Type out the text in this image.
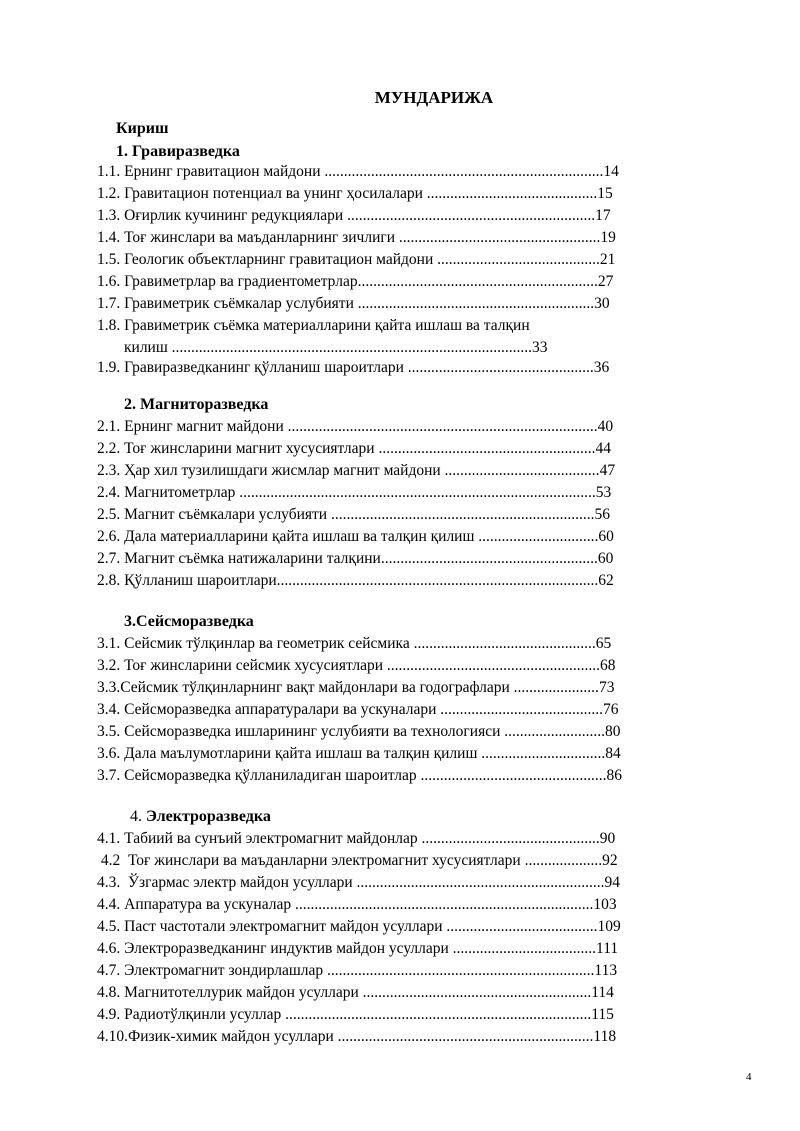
МУНДАРИЖА
Кириш
1. Гравиразведка
1.1. Ернинг гравитацион майдони ........................................................................14
1.2. Гравитацион потенциал ва унинг ҳосилалари ............................................15
1.3. Оғирлик кучининг редукциялари ................................................................17
1.4. Тоғ жинслари ва маъданларнинг зичлиги ....................................................19
1.5. Геологик объектларнинг гравитацион майдони ..........................................21
1.6. Гравиметрлар ва градиентометрлар..............................................................27
1.7. Гравиметрик съёмкалар услубияти .............................................................30
1.8. Гравиметрик съёмка материалларини қайта ишлаш ва талқин
килиш .............................................................................................33
1.9. Гравиразведканинг қўлланиш шароитлари ................................................36
2. Магниторазведка
2.1. Ернинг магнит майдони ................................................................................40
2.2. Тоғ жинсларини магнит хусусиятлари ........................................................44
2.3. Ҳар хил тузилишдаги жисмлар магнит майдони ........................................47
2.4. Магнитометрлар ............................................................................................53
2.5. Магнит съёмкалари услубияти ....................................................................56
2.6. Дала материалларини қайта ишлаш ва талқин қилиш ...............................60
2.7. Магнит съёмка натижаларини талқини........................................................60
2.8. Қўлланиш шароитлари...................................................................................62
3.Сейсморазведка
3.1. Сейсмик тўлқинлар ва геометрик сейсмика ...............................................65
3.2. Тоғ жинсларини сейсмик хусусиятлари .......................................................68
3.3.Сейсмик тўлқинларнинг вақт майдонлари ва годографлари ......................73
3.4. Сейсморазведка аппаратуралари ва ускуналари ..........................................76
3.5. Сейсморазведка ишларининг услубияти ва технологияси ..........................80
3.6. Дала маълумотларини қайта ишлаш ва талқин қилиш ................................84
3.7. Сейсморазведка қўлланиладиган шароитлар ................................................86
4. Электроразведка
4.1. Табиий ва сунъий электромагнит майдонлар ..............................................90
4.2  Тоғ жинслари ва маъданларни электромагнит хусусиятлари ....................92
4.3.  Ўзгармас электр майдон усуллари ................................................................94
4.4. Аппаратура ва ускуналар .............................................................................103
4.5. Паст частотали электромагнит майдон усуллари .......................................109
4.6. Электроразведканинг индуктив майдон усуллари .....................................111
4.7. Электромагнит зондирлашлар .....................................................................113
4.8. Магнитотеллурик майдон усуллари ...........................................................114
4.9. Радиотўлқинли усуллар ...............................................................................115
4.10.Физик-химик майдон усуллари ..................................................................118
4
